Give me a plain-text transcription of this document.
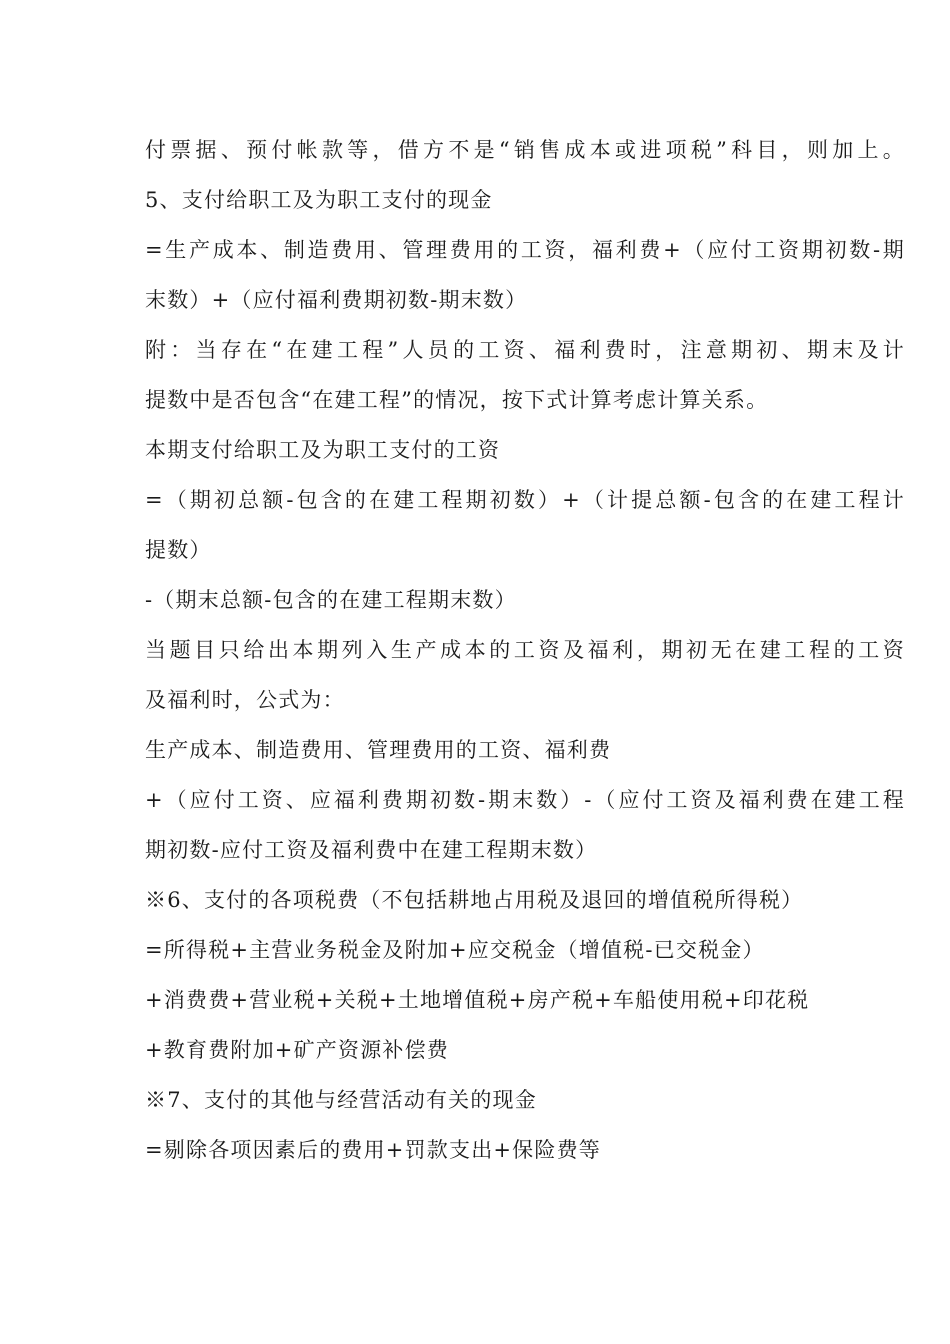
付票据、预付帐款等，借方不是“销售成本或进项税”科目，则加上。
5、支付给职工及为职工支付的现金
=生产成本、制造费用、管理费用的工资，福利费+（应付工资期初数-期
末数）+（应付福利费期初数-期末数）
附：当存在“在建工程”人员的工资、福利费时，注意期初、期末及计
提数中是否包含“在建工程”的情况，按下式计算考虑计算关系。
本期支付给职工及为职工支付的工资
=（期初总额-包含的在建工程期初数）+（计提总额-包含的在建工程计
提数）
-（期末总额-包含的在建工程期末数）
当题目只给出本期列入生产成本的工资及福利，期初无在建工程的工资
及福利时，公式为：
生产成本、制造费用、管理费用的工资、福利费
+（应付工资、应福利费期初数-期末数）-（应付工资及福利费在建工程
期初数-应付工资及福利费中在建工程期末数）
※6、支付的各项税费（不包括耕地占用税及退回的增值税所得税）
=所得税+主营业务税金及附加+应交税金（增值税-已交税金）
+消费费+营业税+关税+土地增值税+房产税+车船使用税+印花税
+教育费附加+矿产资源补偿费
※7、支付的其他与经营活动有关的现金
=剔除各项因素后的费用+罚款支出+保险费等
